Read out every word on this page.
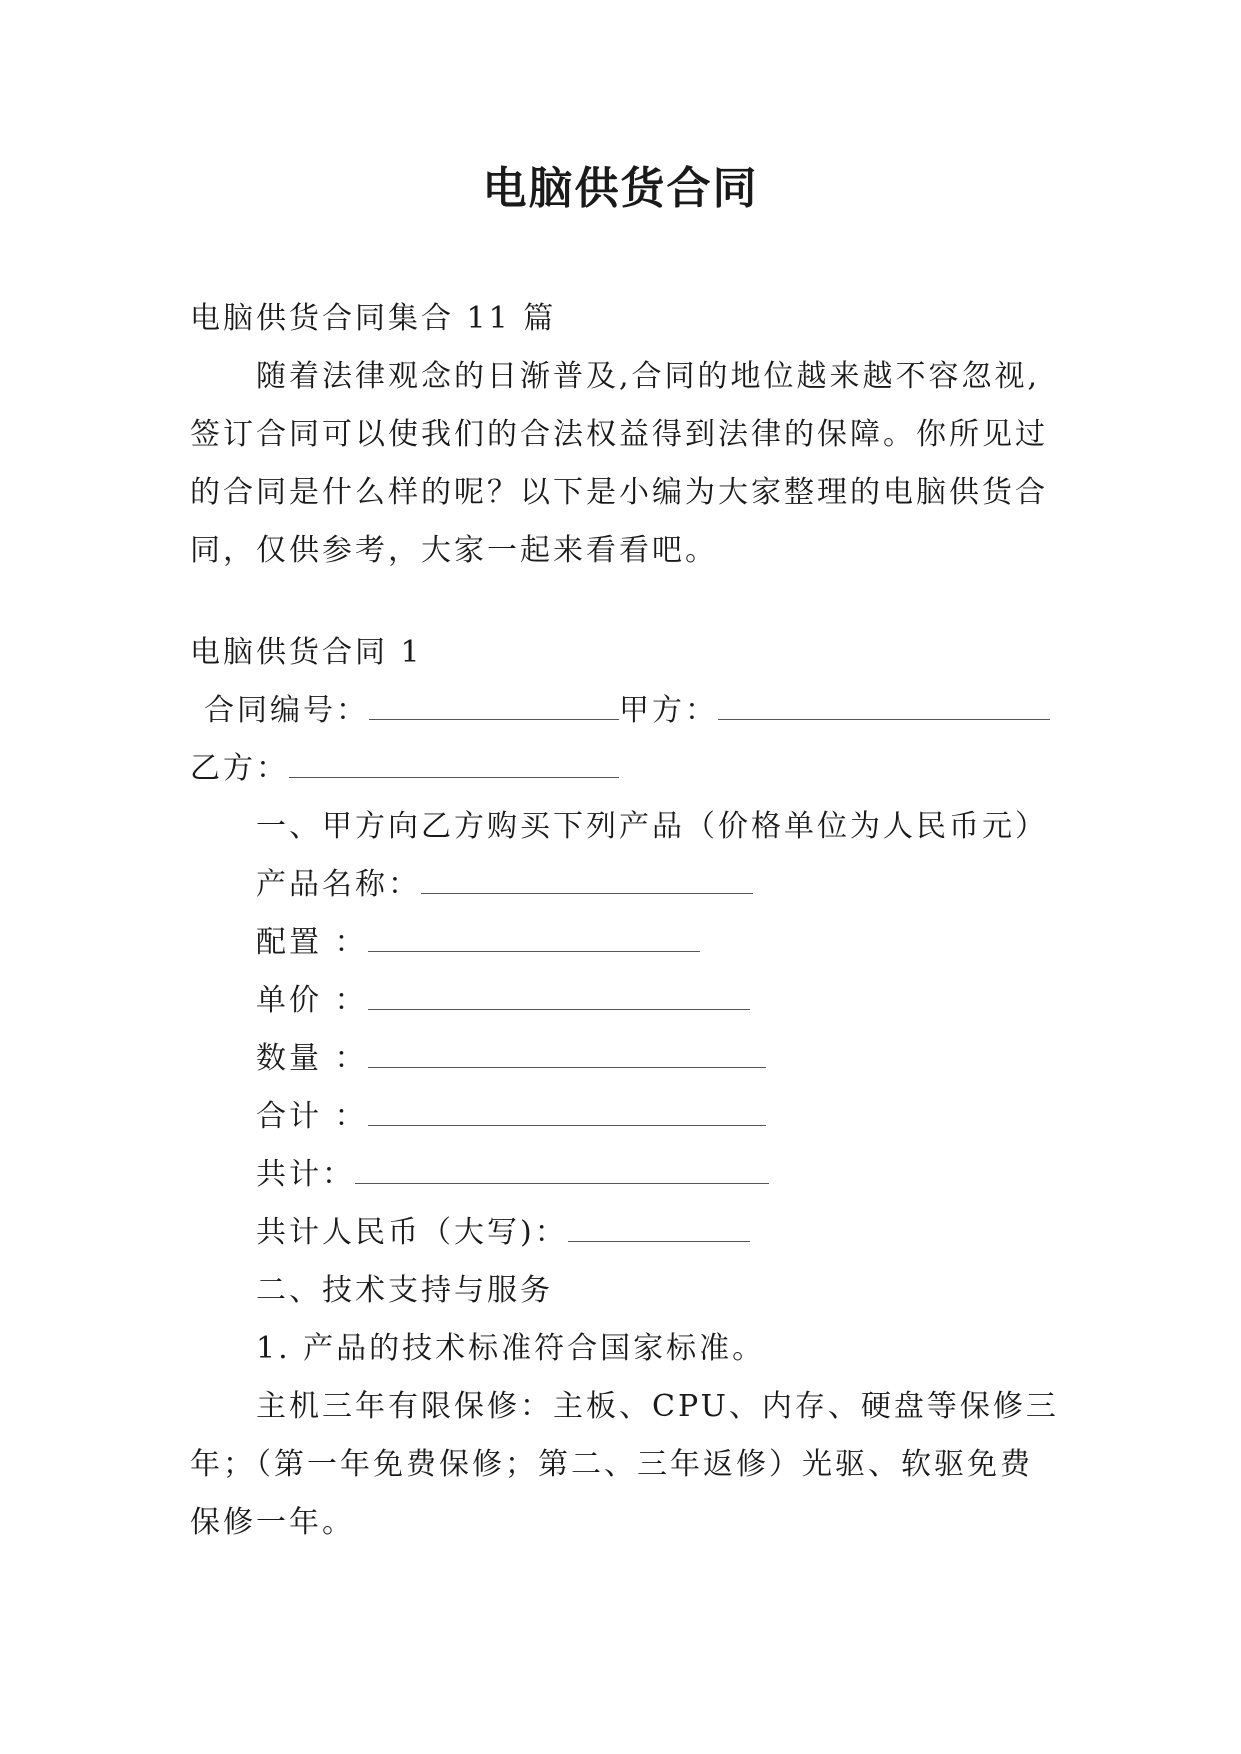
电脑供货合同
电脑供货合同集合 11 篇
随着法律观念的日渐普及,合同的地位越来越不容忽视,签订合同可以使我们的合法权益得到法律的保障。你所见过的合同是什么样的呢？以下是小编为大家整理的电脑供货合同，仅供参考，大家一起来看看吧。
电脑供货合同 1
合同编号：	甲方：
乙方：
一、甲方向乙方购买下列产品（价格单位为人民币元）
产品名称：
配置 ：
单价 ：
数量 ：
合计 ：
共计：
共计人民币（大写)：
二、技术支持与服务
1. 产品的技术标准符合国家标准。
主机三年有限保修：主板、CPU、内存、硬盘等保修三年；（第一年免费保修；第二、三年返修）光驱、软驱免费保修一年。
